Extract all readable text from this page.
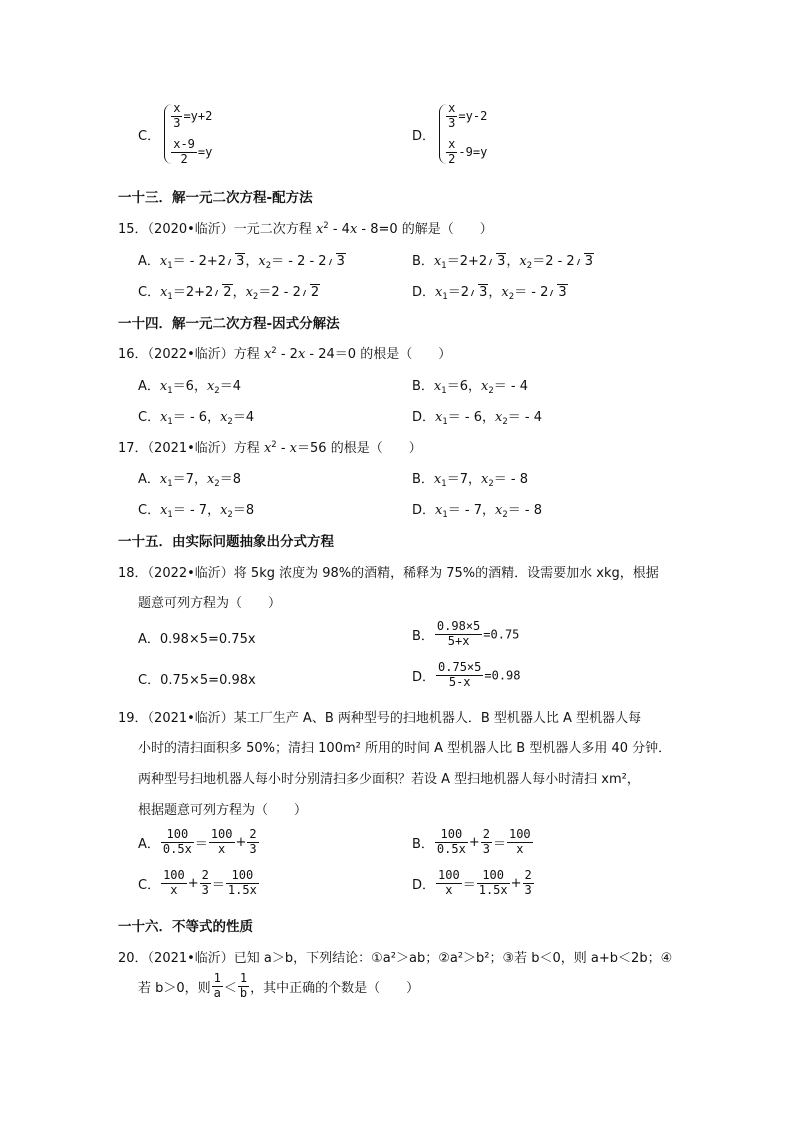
C．
$\frac{x}{3} =y+2$
$\frac{x-9}{2} =y$
D．
$\frac{x}{3} =y-2$
$\frac{x}{2} -9=y$
一十三．解一元二次方程-配方法
15．（2020•临沂）一元二次方程 $x^2 - 4x - 8=0$ 的解是（　　）
A．$x_1= - 2+2$ 3，$x_2= - 2 - 2$ 3	B．$x_1=2+2$ 3，$x_2=2 - 2$ 3
C．$x_1=2+2$ 2，$x_2=2 - 2$ 2	D．$x_1=2$ 3，$x_2= - 2$ 3
一十四．解一元二次方程-因式分解法
16．（2022•临沂）方程 $x^2 - 2x - 24=0$ 的根是（　　）
A．$x_1=6$，$x_2=4$	B．$x_1=6$，$x_2= - 4$
C．$x_1= - 6$，$x_2=4$	D．$x_1= - 6$，$x_2= - 4$
17．（2021•临沂）方程 $x^2 - x=56$ 的根是（　　）
A．$x_1=7$，$x_2=8$	B．$x_1=7$，$x_2= - 8$
C．$x_1= - 7$，$x_2=8$	D．$x_1= - 7$，$x_2= - 8$
一十五．由实际问题抽象出分式方程
18．（2022•临沂）将 5kg 浓度为 98%的酒精，稀释为 75%的酒精．设需要加水 xkg，根据
题意可列方程为（　　）
A．0.98×5=0.75x	B． $\frac{0.98\times 5}{5+x} =0.75$
C．0.75×5=0.98x	D． $\frac{0.75\times 5}{5-x} =0.98$
19．（2021•临沂）某工厂生产 A、B 两种型号的扫地机器人．B 型机器人比 A 型机器人每
小时的清扫面积多 50%；清扫 100m² 所用的时间 A 型机器人比 B 型机器人多用 40 分钟．
两种型号扫地机器人每小时分别清扫多少面积？若设 A 型扫地机器人每小时清扫 xm²，
根据题意可列方程为（　　）
A． $\frac{100}{0.5x} = \frac{100}{x} + \frac{2}{3}$	B． $\frac{100}{0.5x} + \frac{2}{3} = \frac{100}{x}$
C． $\frac{100}{x} + \frac{2}{3} = \frac{100}{1.5x}$	D． $\frac{100}{x} = \frac{100}{1.5x} + \frac{2}{3}$
一十六．不等式的性质
20．（2021•临沂）已知 a＞b，下列结论：①a²＞ab；②a²＞b²；③若 b＜0，则 a+b＜2b；④
若 b＞0，则 $\frac{1}{a} < \frac{1}{b}$ ，其中正确的个数是（　　）
